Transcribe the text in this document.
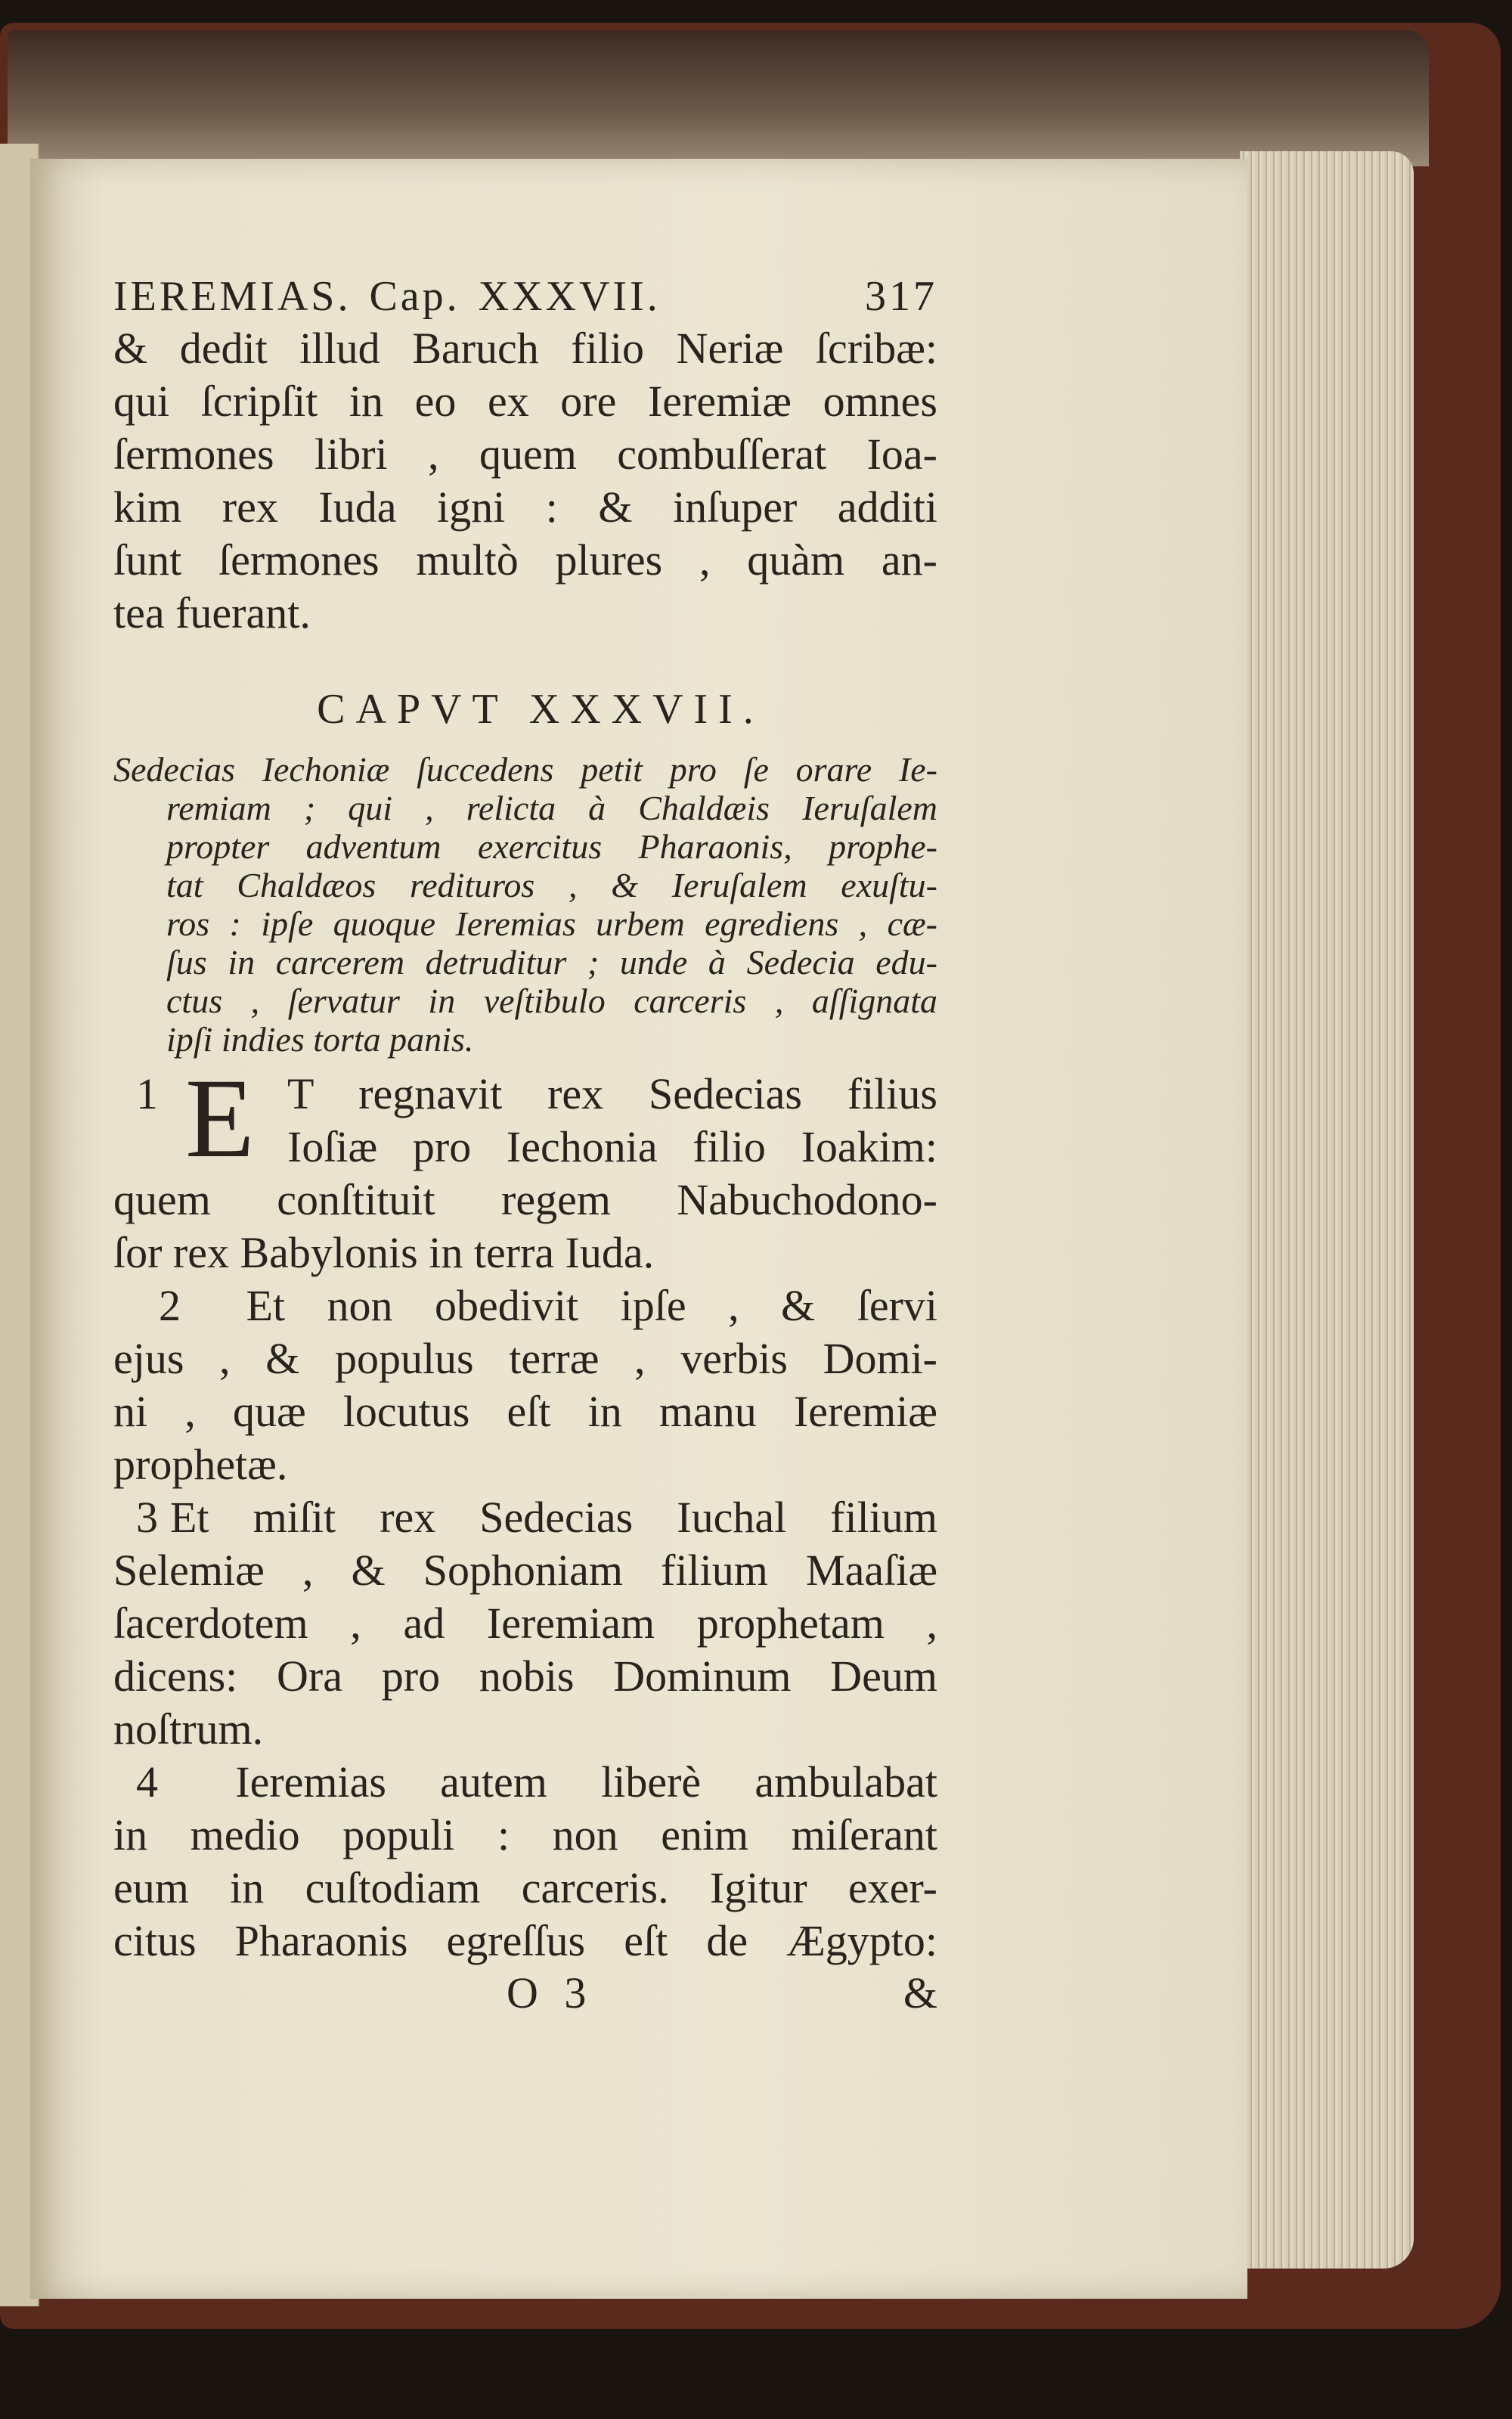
IEREMIAS. Cap. XXXVII.	317
& dedit illud Baruch filio Neriæ ſcribæ:
qui ſcripſit in eo ex ore Ieremiæ omnes
ſermones libri , quem combuſſerat Ioa-
kim rex Iuda igni : & inſuper additi
ſunt ſermones multò plures , quàm an-
tea fuerant.
CAPVT XXXVII.
Sedecias Iechoniæ ſuccedens petit pro ſe orare Ie-
remiam ; qui , relicta à Chaldæis Ieruſalem
propter adventum exercitus Pharaonis, prophe-
tat Chaldæos redituros , & Ieruſalem exuſtu-
ros : ipſe quoque Ieremias urbem egrediens , cæ-
ſus in carcerem detruditur ; unde à Sedecia edu-
ctus , ſervatur in veſtibulo carceris , aſſignata
ipſi indies torta panis.
E
1	T regnavit rex Sedecias filius
Ioſiæ pro Iechonia filio Ioakim:
quem conſtituit regem Nabuchodono-
ſor rex Babylonis in terra Iuda.
2 Et non obedivit ipſe , & ſervi
ejus , & populus terræ , verbis Domi-
ni , quæ locutus eſt in manu Ieremiæ
prophetæ.
3 Et miſit rex Sedecias Iuchal filium
Selemiæ , & Sophoniam filium Maaſiæ
ſacerdotem , ad Ieremiam prophetam ,
dicens: Ora pro nobis Dominum Deum
noſtrum.
4 Ieremias autem liberè ambulabat
in medio populi : non enim miſerant
eum in cuſtodiam carceris. Igitur exer-
citus Pharaonis egreſſus eſt de Ægypto:
O 3	&
